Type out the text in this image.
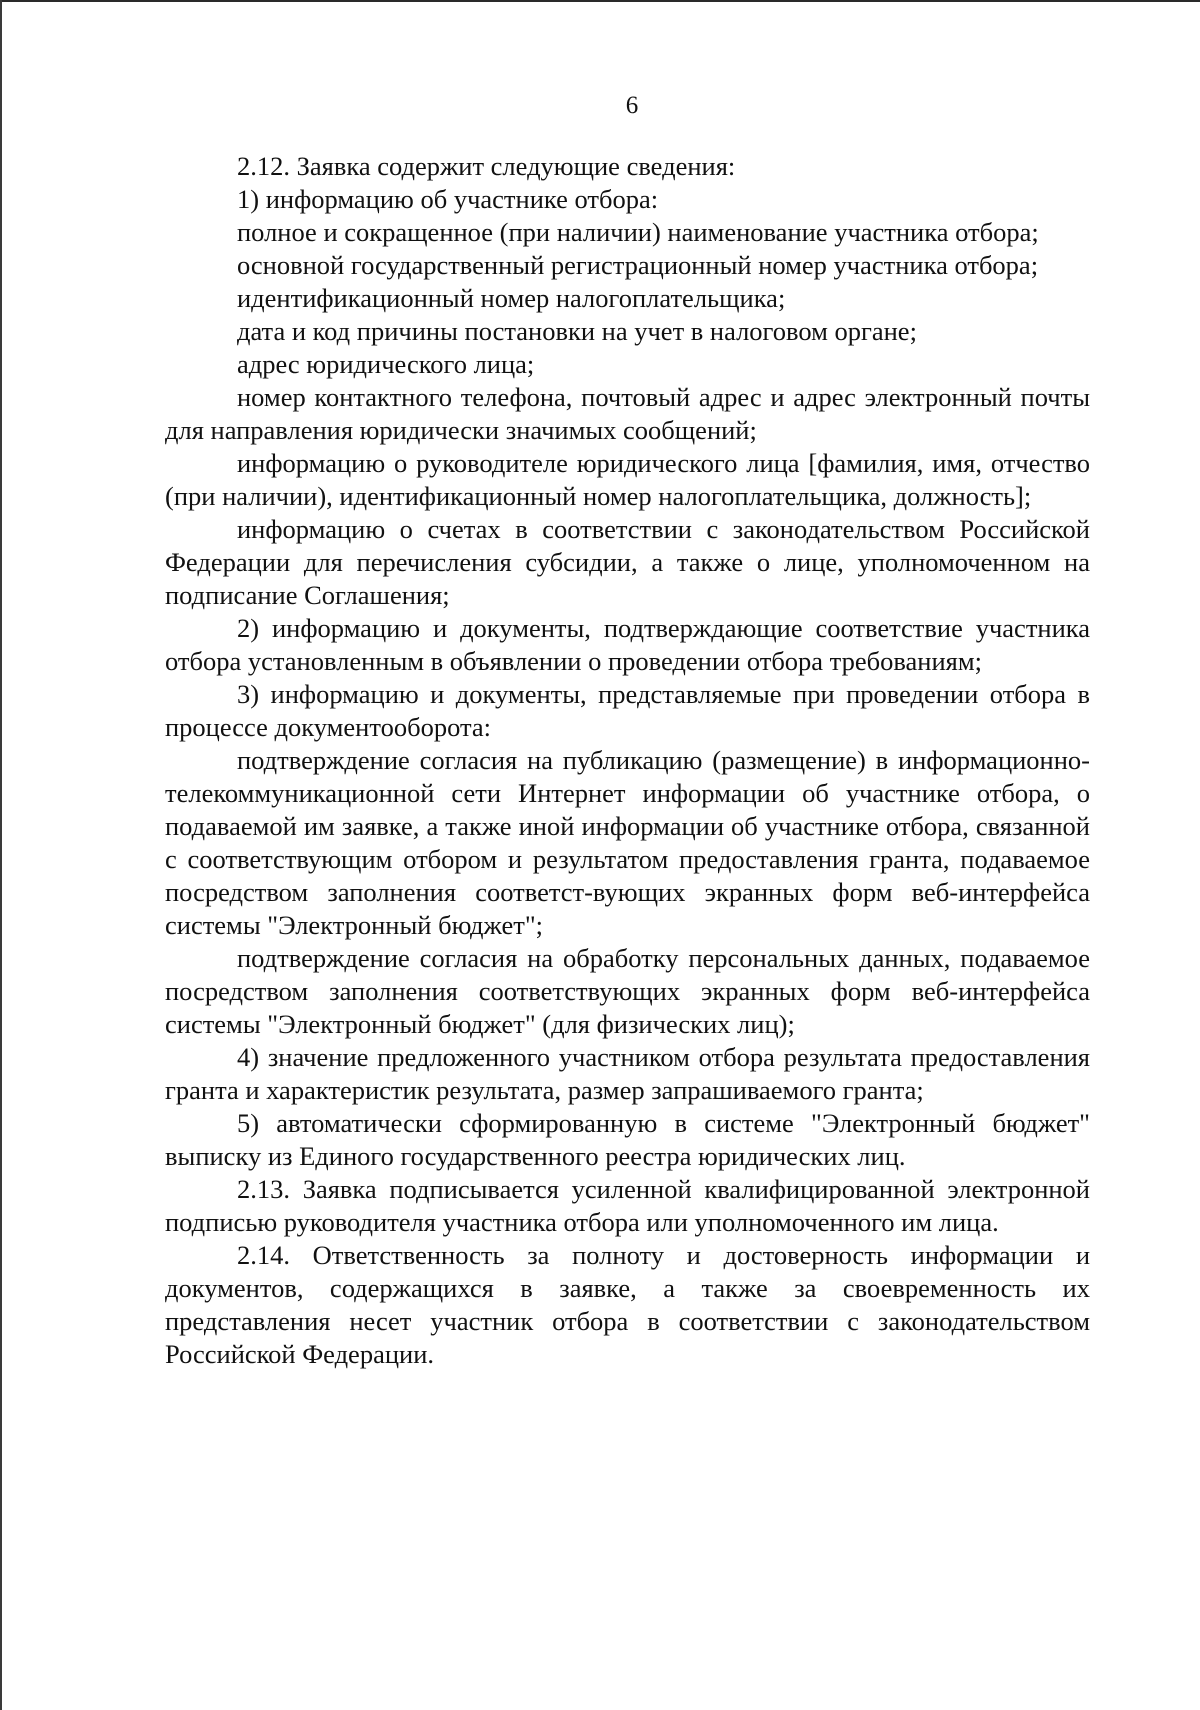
6

2.12. Заявка содержит следующие сведения:

1) информацию об участнике отбора:

полное и сокращенное (при наличии) наименование участника отбора;

основной государственный регистрационный номер участника отбора;

идентификационный номер налогоплательщика;

дата и код причины постановки на учет в налоговом органе;

адрес юридического лица;

номер контактного телефона, почтовый адрес и адрес электронный почты для направления юридически значимых сообщений;

информацию о руководителе юридического лица [фамилия, имя, отчество (при наличии), идентификационный номер налогоплательщика, должность];

информацию о счетах в соответствии с законодательством Российской Федерации для перечисления субсидии, а также о лице, уполномоченном на подписание Соглашения;

2) информацию и документы, подтверждающие соответствие участника отбора установленным в объявлении о проведении отбора требованиям;

3) информацию и документы, представляемые при проведении отбора в процессе документооборота:

подтверждение согласия на публикацию (размещение) в информационно-телекоммуникационной сети Интернет информации об участнике отбора, о подаваемой им заявке, а также иной информации об участнике отбора, связанной с соответствующим отбором и результатом предоставления гранта, подаваемое посредством заполнения соответст-вующих экранных форм веб-интерфейса системы "Электронный бюджет";

подтверждение согласия на обработку персональных данных, подаваемое посредством заполнения соответствующих экранных форм веб-интерфейса системы "Электронный бюджет" (для физических лиц);

4) значение предложенного участником отбора результата предоставления гранта и характеристик результата, размер запрашиваемого гранта;

5) автоматически сформированную в системе "Электронный бюджет" выписку из Единого государственного реестра юридических лиц.

2.13. Заявка подписывается усиленной квалифицированной электронной подписью руководителя участника отбора или уполномоченного им лица.

2.14. Ответственность за полноту и достоверность информации и документов, содержащихся в заявке, а также за своевременность их представления несет участник отбора в соответствии с законодательством Российской Федерации.
